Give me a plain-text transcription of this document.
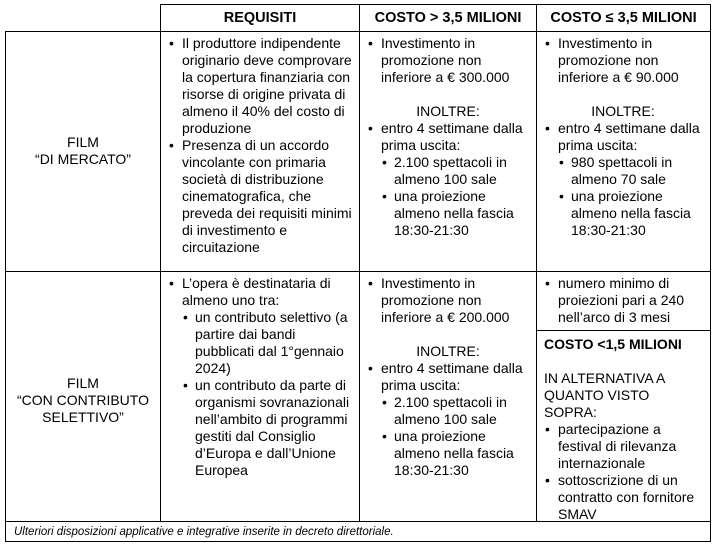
REQUISITI	COSTO > 3,5 MILIONI	COSTO ≤ 3,5 MILIONI
FILM
“DI MERCATO”
• Il produttore indipendente originario deve comprovare la copertura finanziaria con risorse di origine privata di almeno il 40% del costo di produzione
• Presenza di un accordo vincolante con primaria società di distribuzione cinematografica, che preveda dei requisiti minimi di investimento e circuitazione
• Investimento in promozione non inferiore a € 300.000
INOLTRE:
• entro 4 settimane dalla prima uscita:
• 2.100 spettacoli in almeno 100 sale
• una proiezione almeno nella fascia 18:30-21:30
• Investimento in promozione non inferiore a € 90.000
INOLTRE:
• entro 4 settimane dalla prima uscita:
• 980 spettacoli in almeno 70 sale
• una proiezione almeno nella fascia 18:30-21:30
FILM
“CON CONTRIBUTO
SELETTIVO”
• L’opera è destinataria di almeno uno tra:
• un contributo selettivo (a partire dai bandi pubblicati dal 1°gennaio 2024)
• un contributo da parte di organismi sovranazionali nell’ambito di programmi gestiti dal Consiglio d’Europa e dall’Unione Europea
• Investimento in promozione non inferiore a € 200.000
INOLTRE:
• entro 4 settimane dalla prima uscita:
• 2.100 spettacoli in almeno 100 sale
• una proiezione almeno nella fascia 18:30-21:30
• numero minimo di proiezioni pari a 240 nell’arco di 3 mesi
COSTO <1,5 MILIONI
IN ALTERNATIVA A QUANTO VISTO SOPRA:
• partecipazione a festival di rilevanza internazionale
• sottoscrizione di un contratto con fornitore SMAV
Ulteriori disposizioni applicative e integrative inserite in decreto direttoriale.
